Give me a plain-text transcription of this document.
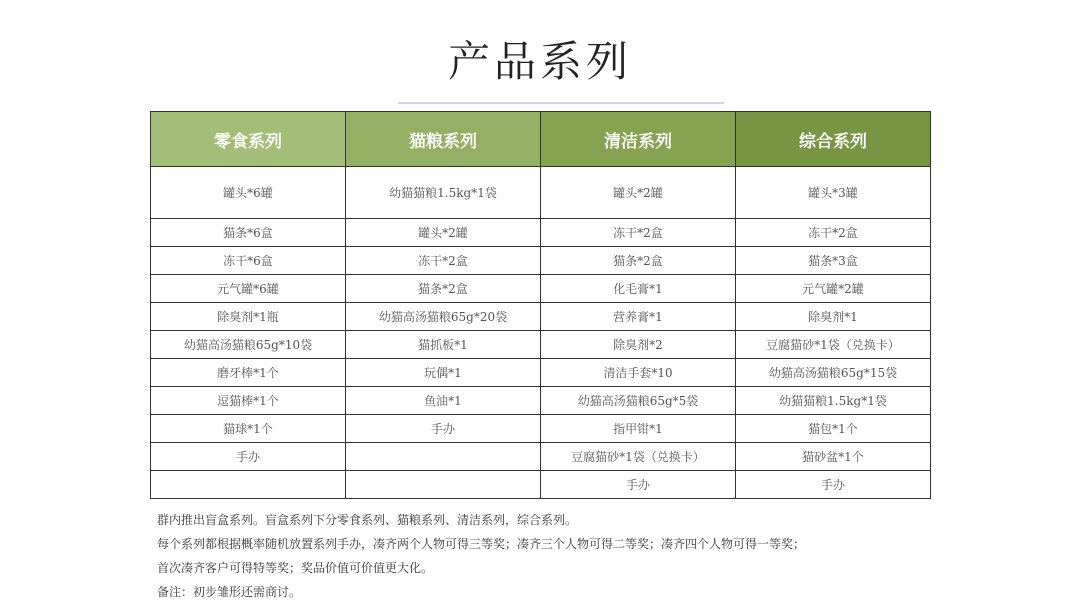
产品系列
零食系列	猫粮系列	清洁系列	综合系列
罐头*6罐	幼猫猫粮1.5kg*1袋	罐头*2罐	罐头*3罐
猫条*6盒	罐头*2罐	冻干*2盒	冻干*2盒
冻干*6盒	冻干*2盒	猫条*2盒	猫条*3盒
元气罐*6罐	猫条*2盒	化毛膏*1	元气罐*2罐
除臭剂*1瓶	幼猫高汤猫粮65g*20袋	营养膏*1	除臭剂*1
幼猫高汤猫粮65g*10袋	猫抓板*1	除臭剂*2	豆腐猫砂*1袋（兑换卡）
磨牙棒*1个	玩偶*1	清洁手套*10	幼猫高汤猫粮65g*15袋
逗猫棒*1个	鱼油*1	幼猫高汤猫粮65g*5袋	幼猫猫粮1.5kg*1袋
猫球*1个	手办	指甲钳*1	猫包*1个
手办		豆腐猫砂*1袋（兑换卡）	猫砂盆*1个
		手办	手办

群内推出盲盒系列。盲盒系列下分零食系列、猫粮系列、清洁系列，综合系列。

每个系列都根据概率随机放置系列手办，凑齐两个人物可得三等奖；凑齐三个人物可得二等奖；凑齐四个人物可得一等奖；

首次凑齐客户可得特等奖；奖品价值可价值更大化。

备注：初步雏形还需商讨。
